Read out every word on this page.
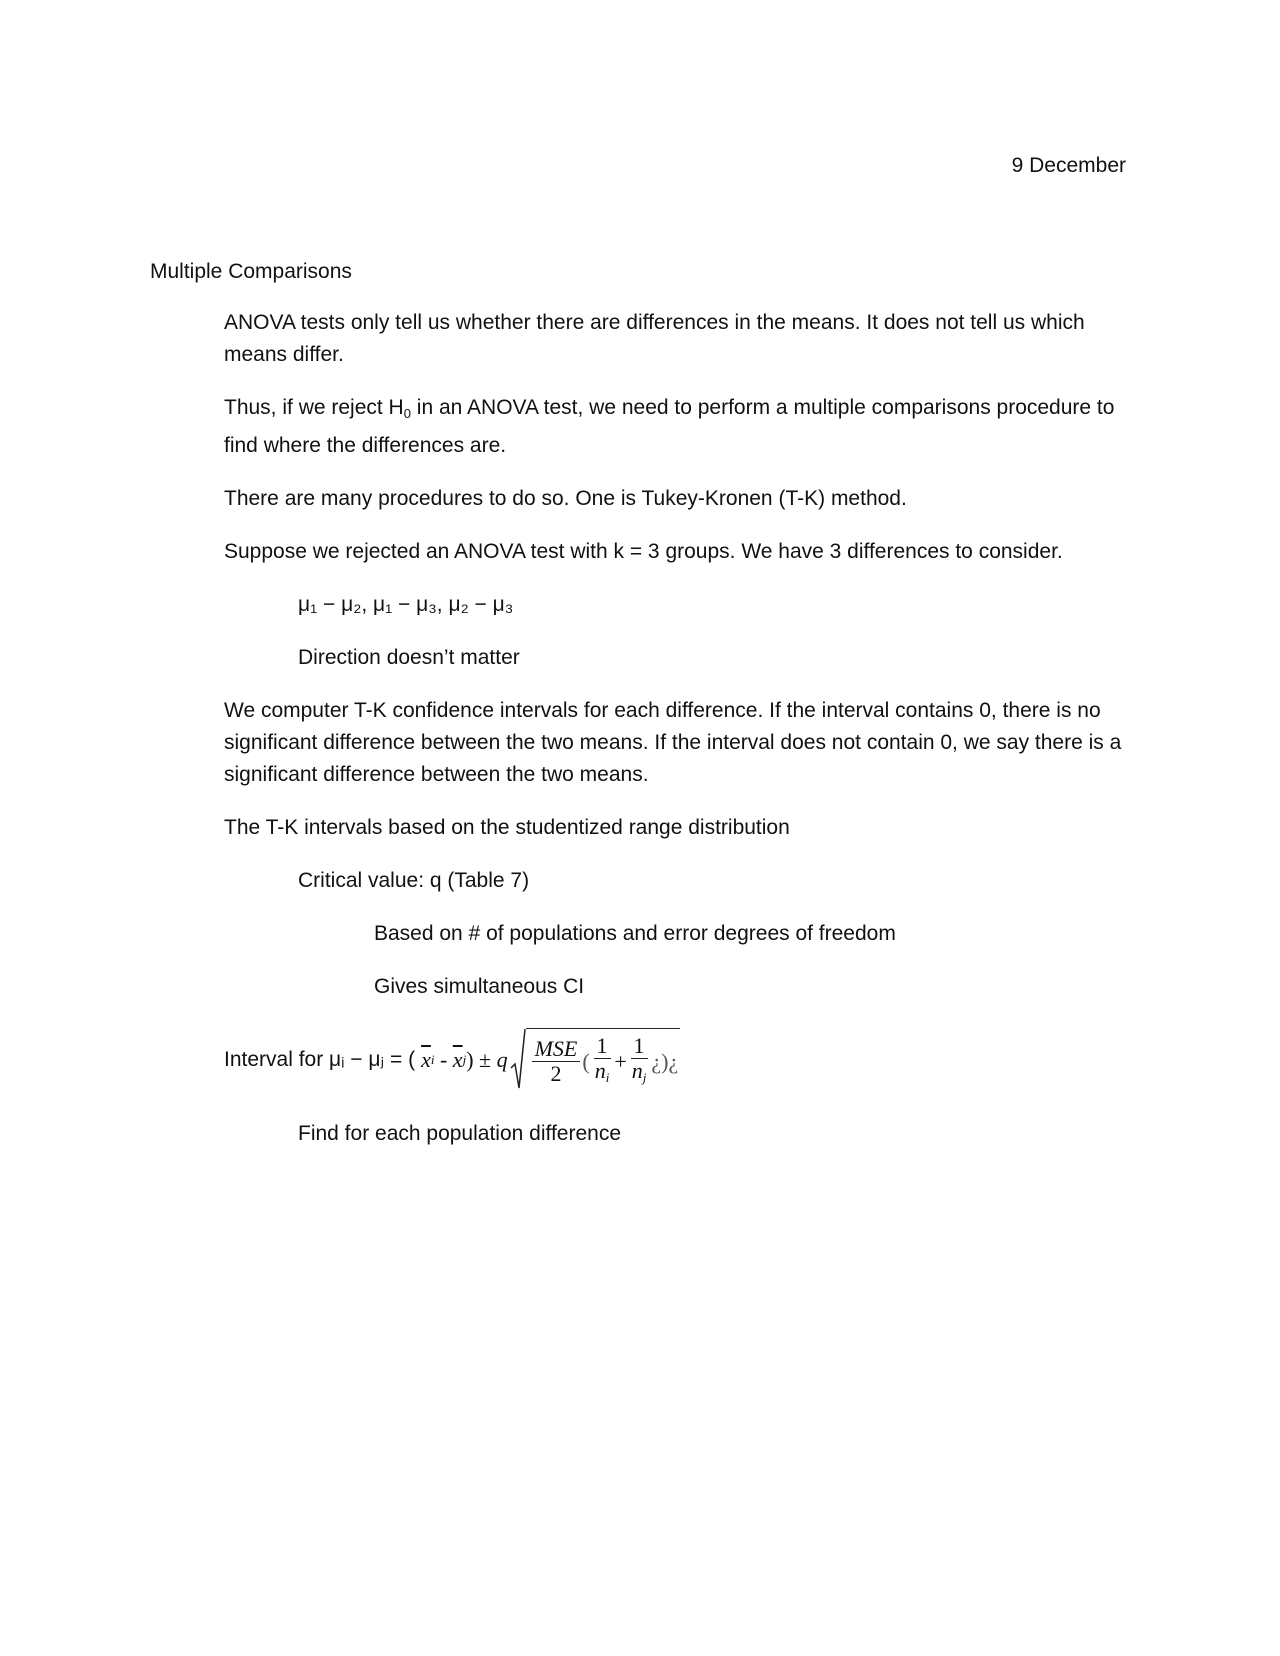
9 December
Multiple Comparisons

ANOVA tests only tell us whether there are differences in the means. It does not tell us which means differ.

Thus, if we reject H0 in an ANOVA test, we need to perform a multiple comparisons procedure to find where the differences are.

There are many procedures to do so. One is Tukey-Kronen (T-K) method.

Suppose we rejected an ANOVA test with k = 3 groups. We have 3 differences to consider.

μ₁ − μ₂, μ₁ − μ₃, μ₂ − μ₃

Direction doesn’t matter

We computer T-K confidence intervals for each difference. If the interval contains 0, there is no significant difference between the two means. If the interval does not contain 0, we say there is a significant difference between the two means.

The T-K intervals based on the studentized range distribution

Critical value: q (Table 7)

Based on # of populations and error degrees of freedom

Gives simultaneous CI

Interval for μᵢ − μⱼ = ( $\overline{x}$ i - $\overline{x}$ j ) ± q $\frac{\text{MSE}}{2}$ ( $\frac{1}{n_i} + \frac{1}{n_j}$ ¿ )¿

Find for each population difference
